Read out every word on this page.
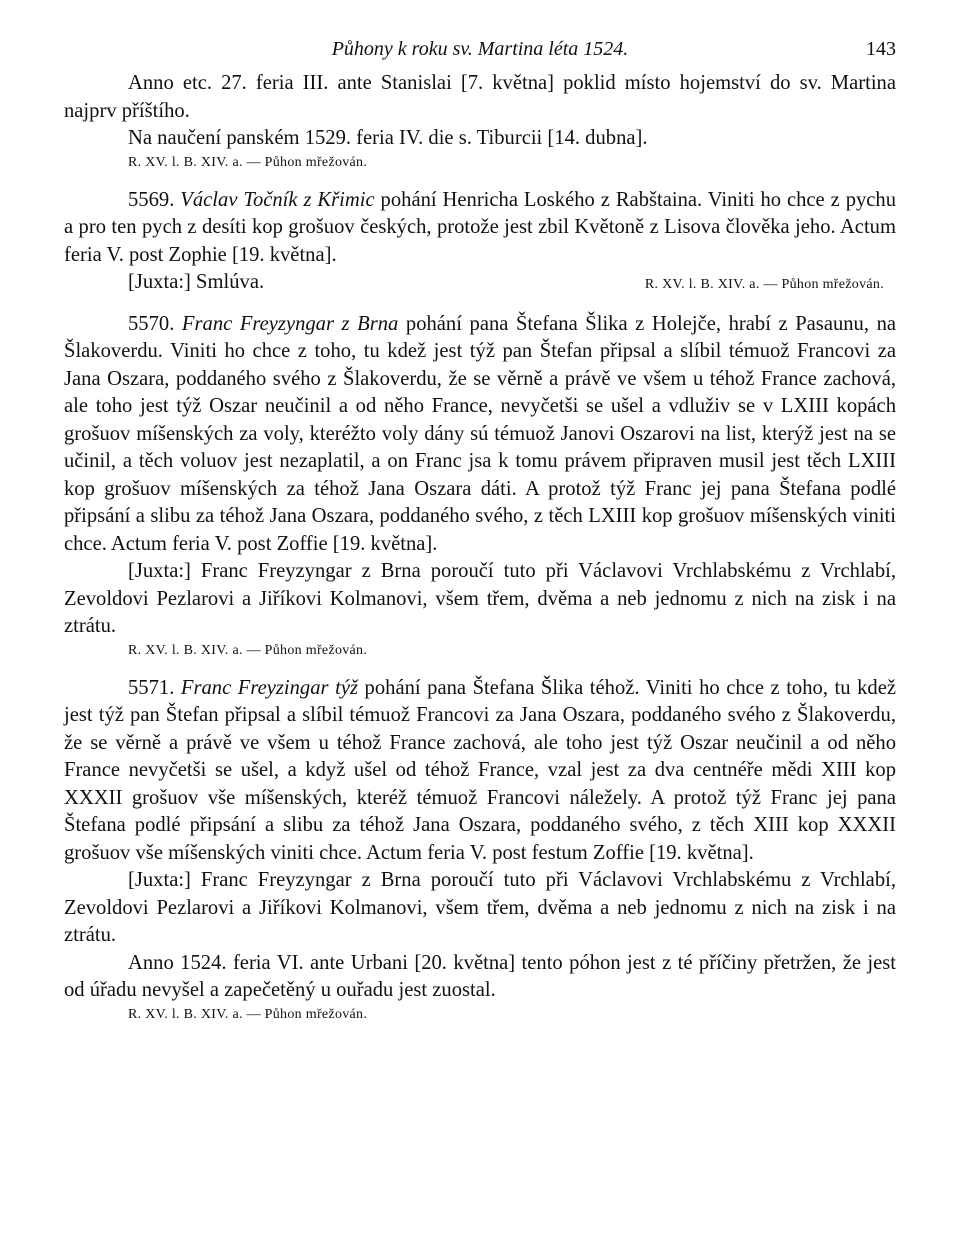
Půhony k roku sv. Martina léta 1524.	143

Anno etc. 27. feria III. ante Stanislai [7. května] poklid místo hojemství do sv. Martina najprv příštího.

Na naučení panském 1529. feria IV. die s. Tiburcii [14. dubna].

R. XV. l. B. XIV. a. — Půhon mřežován.

5569. Václav Točník z Křimic pohání Henricha Loského z Rabštaina. Viniti ho chce z pychu a pro ten pych z desíti kop grošuov českých, protože jest zbil Květoně z Lisova člověka jeho. Actum feria V. post Zophie [19. května].

[Juxta:] Smlúva.	R. XV. l. B. XIV. a. — Půhon mřežován.

5570. Franc Freyzyngar z Brna pohání pana Štefana Šlika z Holejče, hrabí z Pasaunu, na Šlakoverdu. Viniti ho chce z toho, tu kdež jest týž pan Štefan připsal a slíbil témuož Francovi za Jana Oszara, poddaného svého z Šlakoverdu, že se věrně a právě ve všem u téhož France zachová, ale toho jest týž Oszar neučinil a od něho France, nevyčetši se ušel a vdluživ se v LXIII kopách grošuov míšenských za voly, kteréžto voly dány sú témuož Janovi Oszarovi na list, kterýž jest na se učinil, a těch voluov jest nezaplatil, a on Franc jsa k tomu právem připraven musil jest těch LXIII kop grošuov míšenských za téhož Jana Oszara dáti. A protož týž Franc jej pana Štefana podlé připsání a slibu za téhož Jana Oszara, poddaného svého, z těch LXIII kop grošuov míšenských viniti chce. Actum feria V. post Zoffie [19. května].

[Juxta:] Franc Freyzyngar z Brna poroučí tuto při Václavovi Vrchlabskému z Vrchlabí, Zevoldovi Pezlarovi a Jiříkovi Kolmanovi, všem třem, dvěma a neb jednomu z nich na zisk i na ztrátu.

R. XV. l. B. XIV. a. — Půhon mřežován.

5571. Franc Freyzingar týž pohání pana Štefana Šlika téhož. Viniti ho chce z toho, tu kdež jest týž pan Štefan připsal a slíbil témuož Francovi za Jana Oszara, poddaného svého z Šlakoverdu, že se věrně a právě ve všem u téhož France zachová, ale toho jest týž Oszar neučinil a od něho France nevyčetši se ušel, a když ušel od téhož France, vzal jest za dva centnéře mědi XIII kop XXXII grošuov vše míšenských, kteréž témuož Francovi náležely. A protož týž Franc jej pana Štefana podlé připsání a slibu za téhož Jana Oszara, poddaného svého, z těch XIII kop XXXII grošuov vše míšenských viniti chce. Actum feria V. post festum Zoffie [19. května].

[Juxta:] Franc Freyzyngar z Brna poroučí tuto při Václavovi Vrchlabskému z Vrchlabí, Zevoldovi Pezlarovi a Jiříkovi Kolmanovi, všem třem, dvěma a neb jednomu z nich na zisk i na ztrátu.

Anno 1524. feria VI. ante Urbani [20. května] tento póhon jest z té příčiny přetržen, že jest od úřadu nevyšel a zapečetěný u ouřadu jest zuostal.

R. XV. l. B. XIV. a. — Půhon mřežován.
